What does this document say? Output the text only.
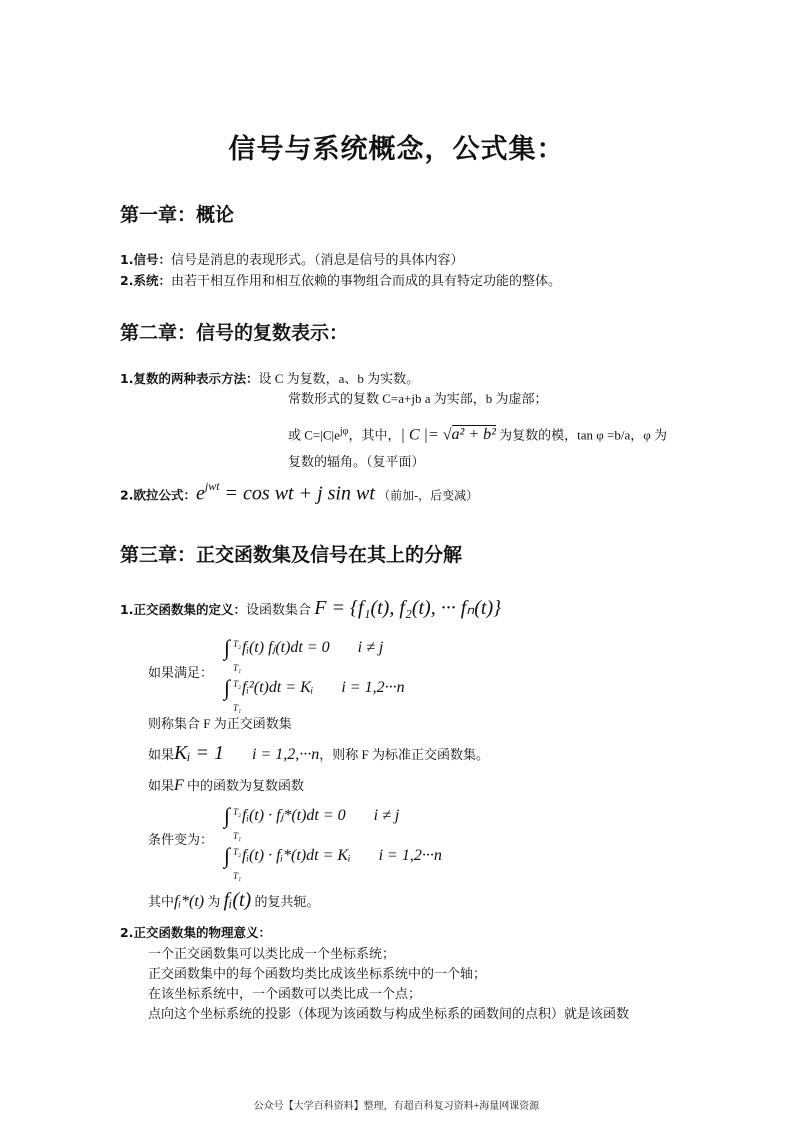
信号与系统概念，公式集：
第一章：概论
1.信号：信号是消息的表现形式。（消息是信号的具体内容）
2.系统：由若干相互作用和相互依赖的事物组合而成的具有特定功能的整体。
第二章：信号的复数表示：
1.复数的两种表示方法：设 C 为复数，a、b 为实数。
常数形式的复数 C=a+jb a 为实部，b 为虚部；
或 $C=|C|e^{j\varphi}$，其中，| C |= √a² + b² 为复数的模，tan φ =b/a，φ 为
复数的辐角。（复平面）
2.欧拉公式：$e^{jwt} = \cos$ wt + j sin wt （前加-，后变减）
第三章：正交函数集及信号在其上的分解
1.正交函数集的定义：设函数集合 F = {f₁(t), f₂(t), ··· fₙ(t)}
如果满足：
∫ T₂
T₁
fᵢ(t) fⱼ(t)dt = 0 i ≠ j
∫ T₂
T₁
fᵢ²(t)dt = Kᵢ i = 1,2···n
则称集合 F 为正交函数集
如果Kᵢ = 1 i = 1,2,···n，则称 F 为标准正交函数集。
如果F 中的函数为复数函数
条件变为：
∫ T₂
T₁
fᵢ(t) · fⱼ*(t)dt = 0 i ≠ j
∫ T₂
T₁
fᵢ(t) · fᵢ*(t)dt = Kᵢ i = 1,2···n
其中fᵢ*(t) 为 fᵢ(t) 的复共轭。
2.正交函数集的物理意义：
一个正交函数集可以类比成一个坐标系统；
正交函数集中的每个函数均类比成该坐标系统中的一个轴；
在该坐标系统中，一个函数可以类比成一个点；
点向这个坐标系统的投影（体现为该函数与构成坐标系的函数间的点积）就是该函数
公众号【大学百科资料】整理，有超百科复习资料+海量网课资源
